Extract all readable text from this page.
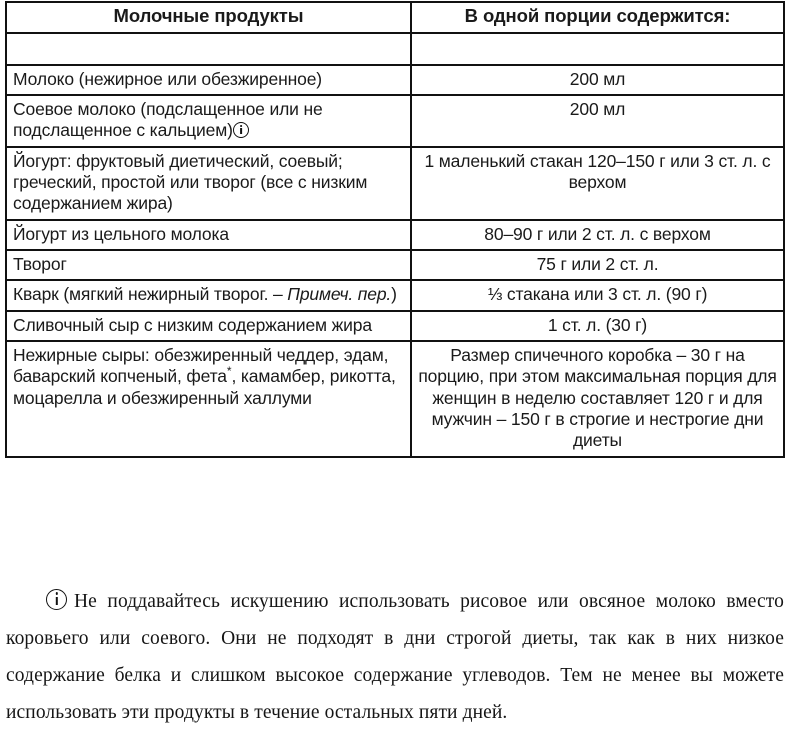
Молочные продукты	В одной порции содержится:

Молоко (нежирное или обезжиренное)	200 мл
Соевое молоко (подслащенное или не подслащенное с кальцием)	200 мл
Йогурт: фруктовый диетический, соевый; греческий, простой или творог (все с низким содержанием жира)	1 маленький стакан 120–150 г или 3 ст. л. с верхом
Йогурт из цельного молока	80–90 г или 2 ст. л. с верхом
Творог	75 г или 2 ст. л.
Кварк (мягкий нежирный творог. – Примеч. пер.)	⅓ стакана или 3 ст. л. (90 г)
Сливочный сыр с низким содержанием жира	1 ст. л. (30 г)
Нежирные сыры: обезжиренный чеддер, эдам, баварский копченый, фета*, камамбер, рикотта, моцарелла и обезжиренный халлуми	Размер спичечного коробка – 30 г на порцию, при этом максимальная порция для женщин в неделю составляет 120 г и для мужчин – 150 г в строгие и нестрогие дни диеты

Не поддавайтесь искушению использовать рисовое или овсяное молоко вместо коровьего или соевого. Они не подходят в дни строгой диеты, так как в них низкое содержание белка и слишком высокое содержание углеводов. Тем не менее вы можете использовать эти продукты в течение остальных пяти дней.
